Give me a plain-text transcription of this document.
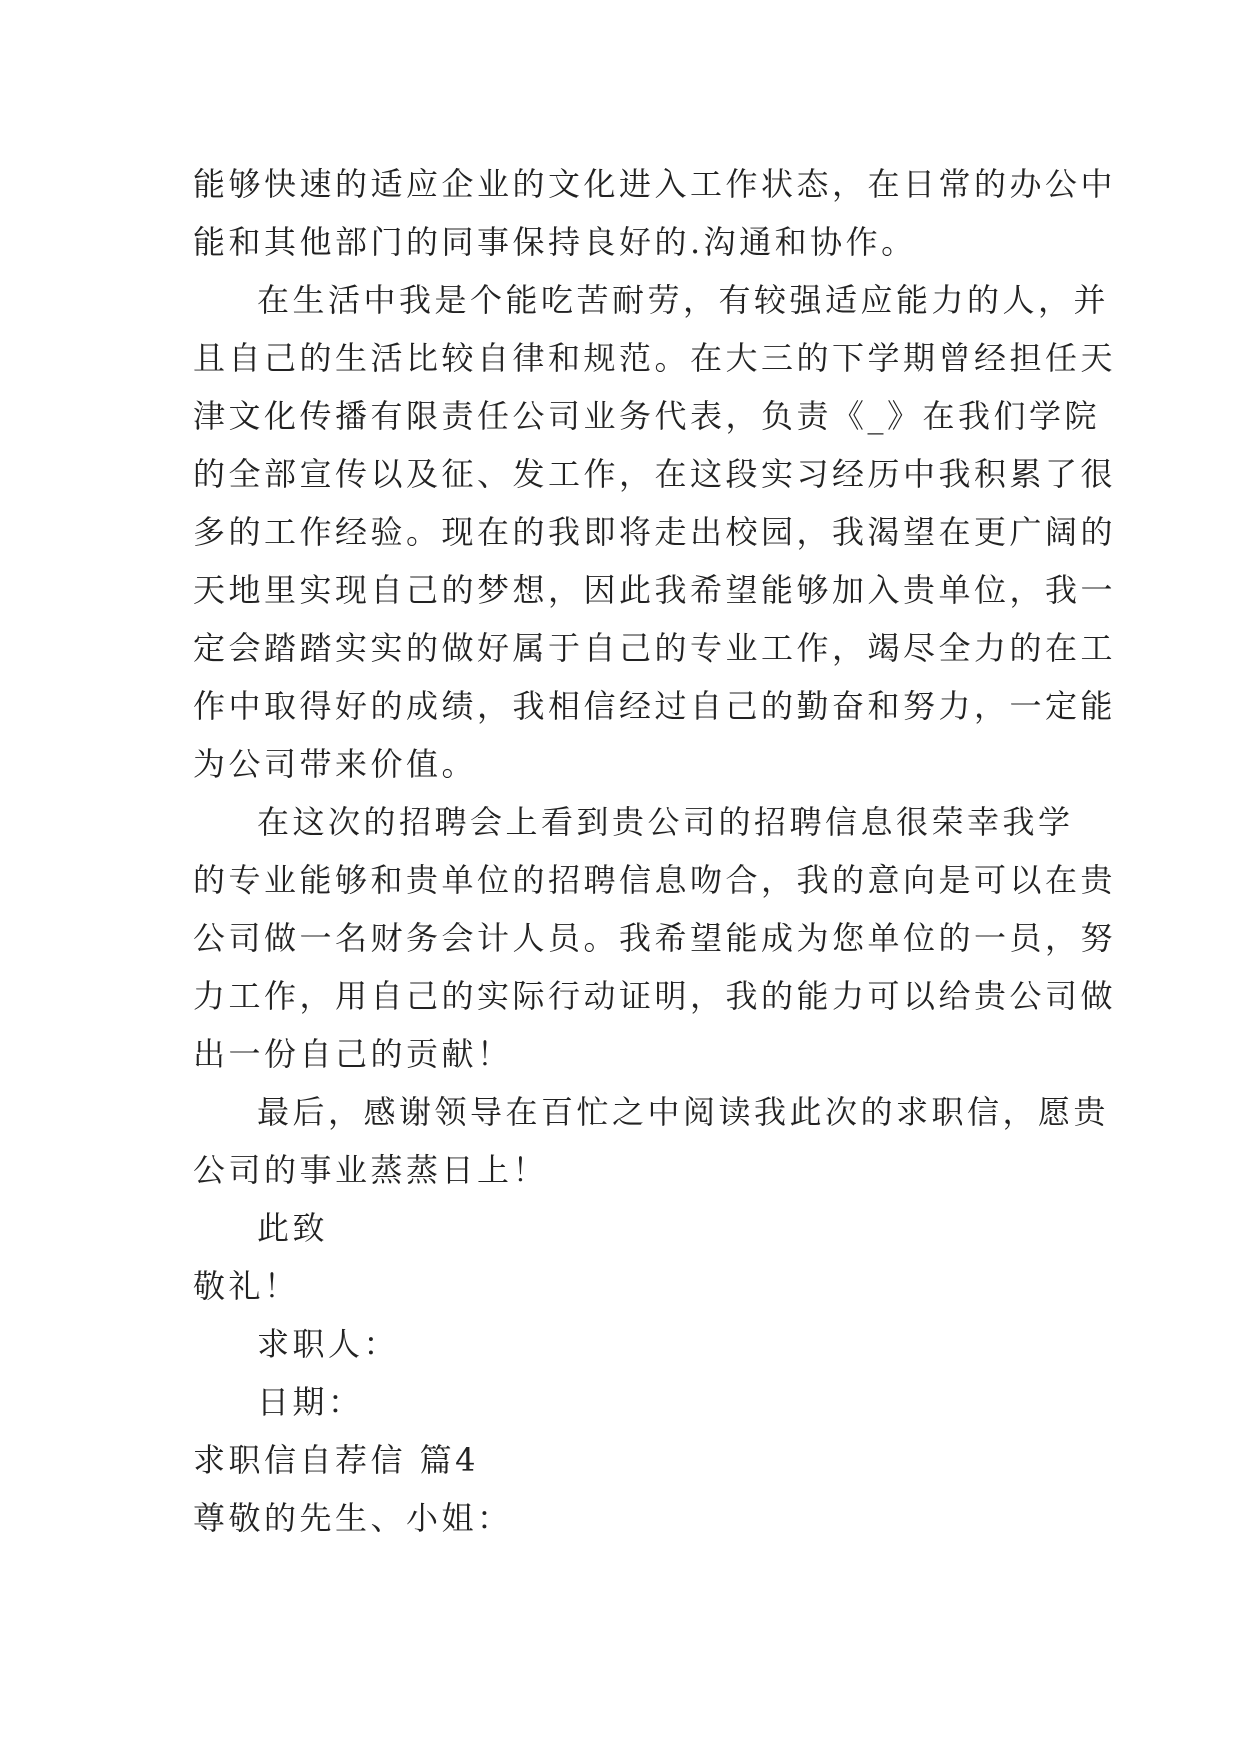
能够快速的适应企业的文化进入工作状态，在日常的办公中
能和其他部门的同事保持良好的.沟通和协作。
在生活中我是个能吃苦耐劳，有较强适应能力的人，并
且自己的生活比较自律和规范。在大三的下学期曾经担任天
津文化传播有限责任公司业务代表，负责《_》在我们学院
的全部宣传以及征、发工作，在这段实习经历中我积累了很
多的工作经验。现在的我即将走出校园，我渴望在更广阔的
天地里实现自己的梦想，因此我希望能够加入贵单位，我一
定会踏踏实实的做好属于自己的专业工作，竭尽全力的在工
作中取得好的成绩，我相信经过自己的勤奋和努力，一定能
为公司带来价值。
在这次的招聘会上看到贵公司的招聘信息很荣幸我学
的专业能够和贵单位的招聘信息吻合，我的意向是可以在贵
公司做一名财务会计人员。我希望能成为您单位的一员，努
力工作，用自己的实际行动证明，我的能力可以给贵公司做
出一份自己的贡献！
最后，感谢领导在百忙之中阅读我此次的求职信，愿贵
公司的事业蒸蒸日上！
此致
敬礼！
求职人：
日期：
求职信自荐信 篇4
尊敬的先生、小姐：
